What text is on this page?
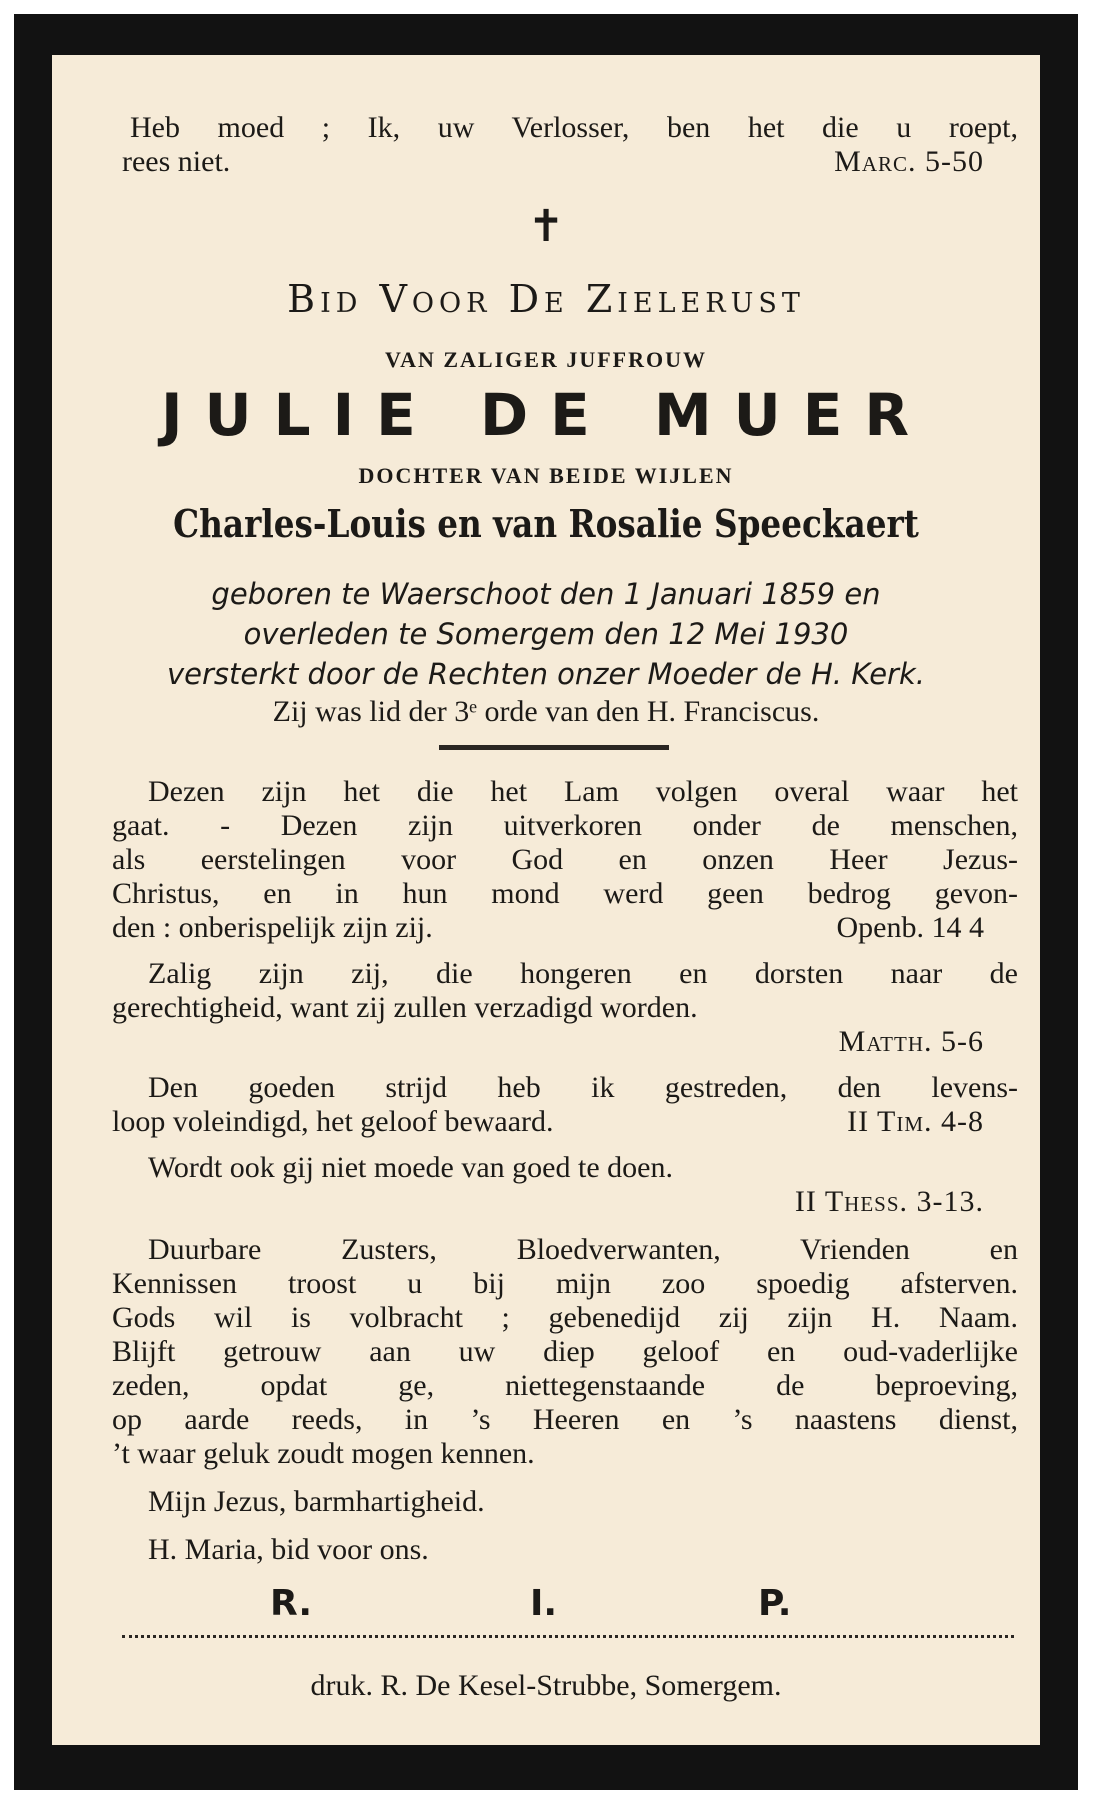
Heb moed ; Ik, uw Verlosser, ben het die u roept,
rees niet.	Marc. 5-50
✝
Bid Voor De Zielerust
VAN ZALIGER JUFFROUW
JULIE DE MUER
DOCHTER VAN BEIDE WIJLEN
Charles-Louis en van Rosalie Speeckaert
geboren te Waerschoot den 1 Januari 1859 en
overleden te Somergem den 12 Mei 1930
versterkt door de Rechten onzer Moeder de H. Kerk.
Zij was lid der 3ᵉ orde van den H. Franciscus.
Dezen zijn het die het Lam volgen overal waar het
gaat. - Dezen zijn uitverkoren onder de menschen,
als eerstelingen voor God en onzen Heer Jezus-
Christus, en in hun mond werd geen bedrog gevon-
den : onberispelijk zijn zij.	Openb. 14 4
Zalig zijn zij, die hongeren en dorsten naar de
gerechtigheid, want zij zullen verzadigd worden.
Matth. 5-6
Den goeden strijd heb ik gestreden, den levens-
loop voleindigd, het geloof bewaard.	II Tim. 4-8
Wordt ook gij niet moede van goed te doen.
II Thess. 3-13.
Duurbare Zusters, Bloedverwanten, Vrienden en
Kennissen troost u bij mijn zoo spoedig afsterven.
Gods wil is volbracht ; gebenedijd zij zijn H. Naam.
Blijft getrouw aan uw diep geloof en oud-vaderlijke
zeden, opdat ge, niettegenstaande de beproeving,
op aarde reeds, in ’s Heeren en ’s naastens dienst,
’t waar geluk zoudt mogen kennen.
Mijn Jezus, barmhartigheid.
H. Maria, bid voor ons.
R.	I.	P.
druk. R. De Kesel-Strubbe, Somergem.
